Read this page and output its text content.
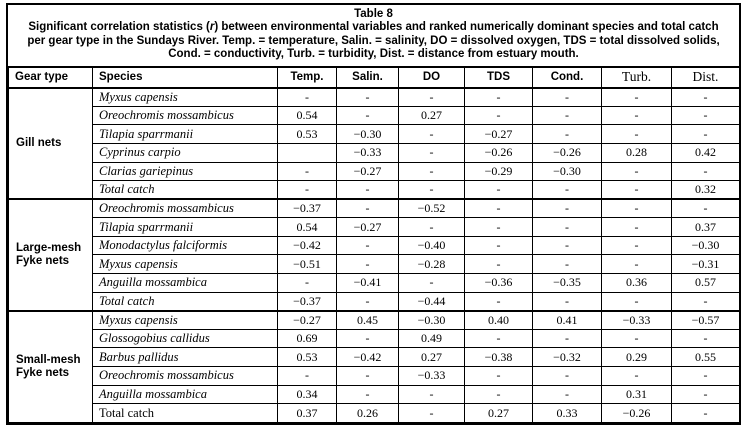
Table 8
Significant correlation statistics (r) between environmental variables and ranked numerically dominant species and total catch per gear type in the Sundays River. Temp. = temperature, Salin. = salinity, DO = dissolved oxygen, TDS = total dissolved solids, Cond. = conductivity, Turb. = turbidity, Dist. = distance from estuary mouth.
Gear type	Species	Temp.	Salin.	DO	TDS	Cond.	Turb.	Dist.
Gill nets	Myxus capensis	-	-	-	-	-	-	-
	Oreochromis mossambicus	0.54	-	0.27	-	-	-	-
	Tilapia sparrmanii	0.53	−0.30	-	−0.27	-	-	-
	Cyprinus carpio		−0.33	-	−0.26	−0.26	0.28	0.42
	Clarias gariepinus	-	−0.27	-	−0.29	−0.30	-	-
	Total catch	-	-	-	-	-	-	0.32
Large-mesh Fyke nets	Oreochromis mossambicus	−0.37	-	−0.52	-	-	-	-
	Tilapia sparrmanii	0.54	−0.27	-	-	-	-	0.37
	Monodactylus falciformis	−0.42	-	−0.40	-	-	-	−0.30
	Myxus capensis	−0.51	-	−0.28	-	-	-	−0.31
	Anguilla mossambica	-	−0.41	-	−0.36	−0.35	0.36	0.57
	Total catch	−0.37	-	−0.44	-	-	-	-
Small-mesh Fyke nets	Myxus capensis	−0.27	0.45	−0.30	0.40	0.41	−0.33	−0.57
	Glossogobius callidus	0.69	-	0.49	-	-	-	-
	Barbus pallidus	0.53	−0.42	0.27	−0.38	−0.32	0.29	0.55
	Oreochromis mossambicus	-	-	−0.33	-	-	-	-
	Anguilla mossambica	0.34	-	-	-	-	0.31	-
	Total catch	0.37	0.26	-	0.27	0.33	−0.26	-
